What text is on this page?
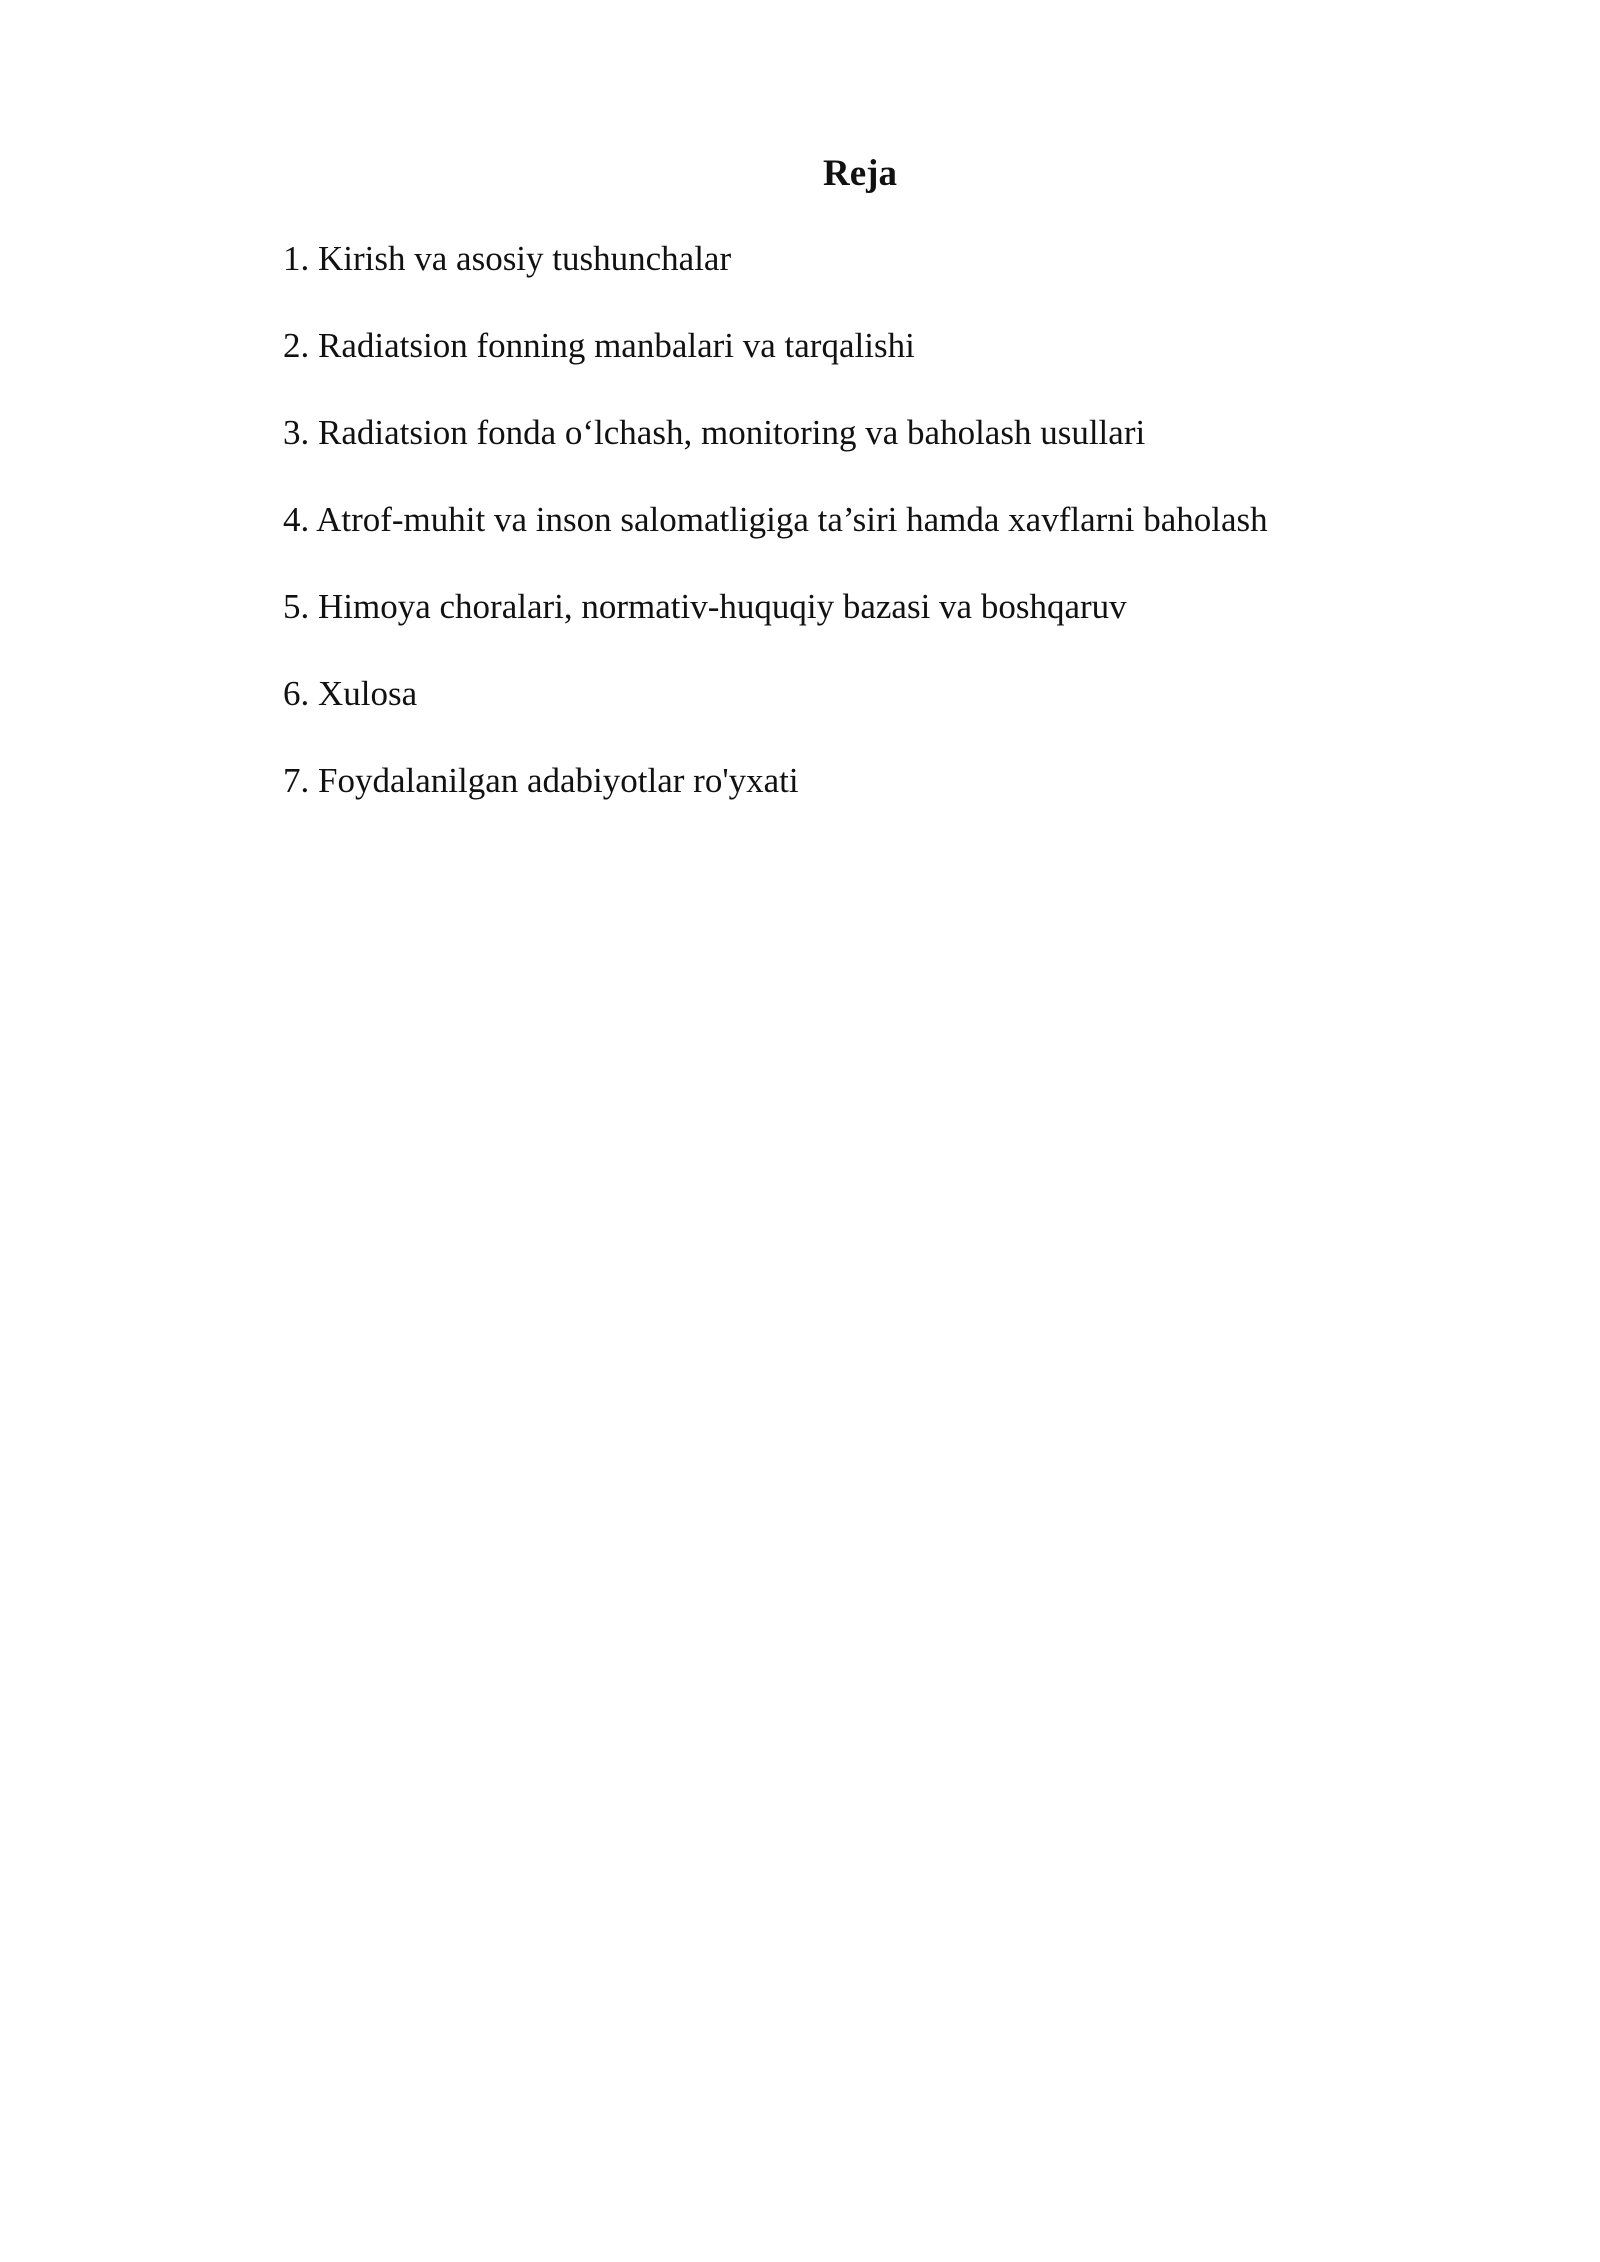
Reja
1. Kirish va asosiy tushunchalar
2. Radiatsion fonning manbalari va tarqalishi
3. Radiatsion fonda o‘lchash, monitoring va baholash usullari
4. Atrof-muhit va inson salomatligiga ta’siri hamda xavflarni baholash
5. Himoya choralari, normativ-huquqiy bazasi va boshqaruv
6. Xulosa
7. Foydalanilgan adabiyotlar ro'yxati
